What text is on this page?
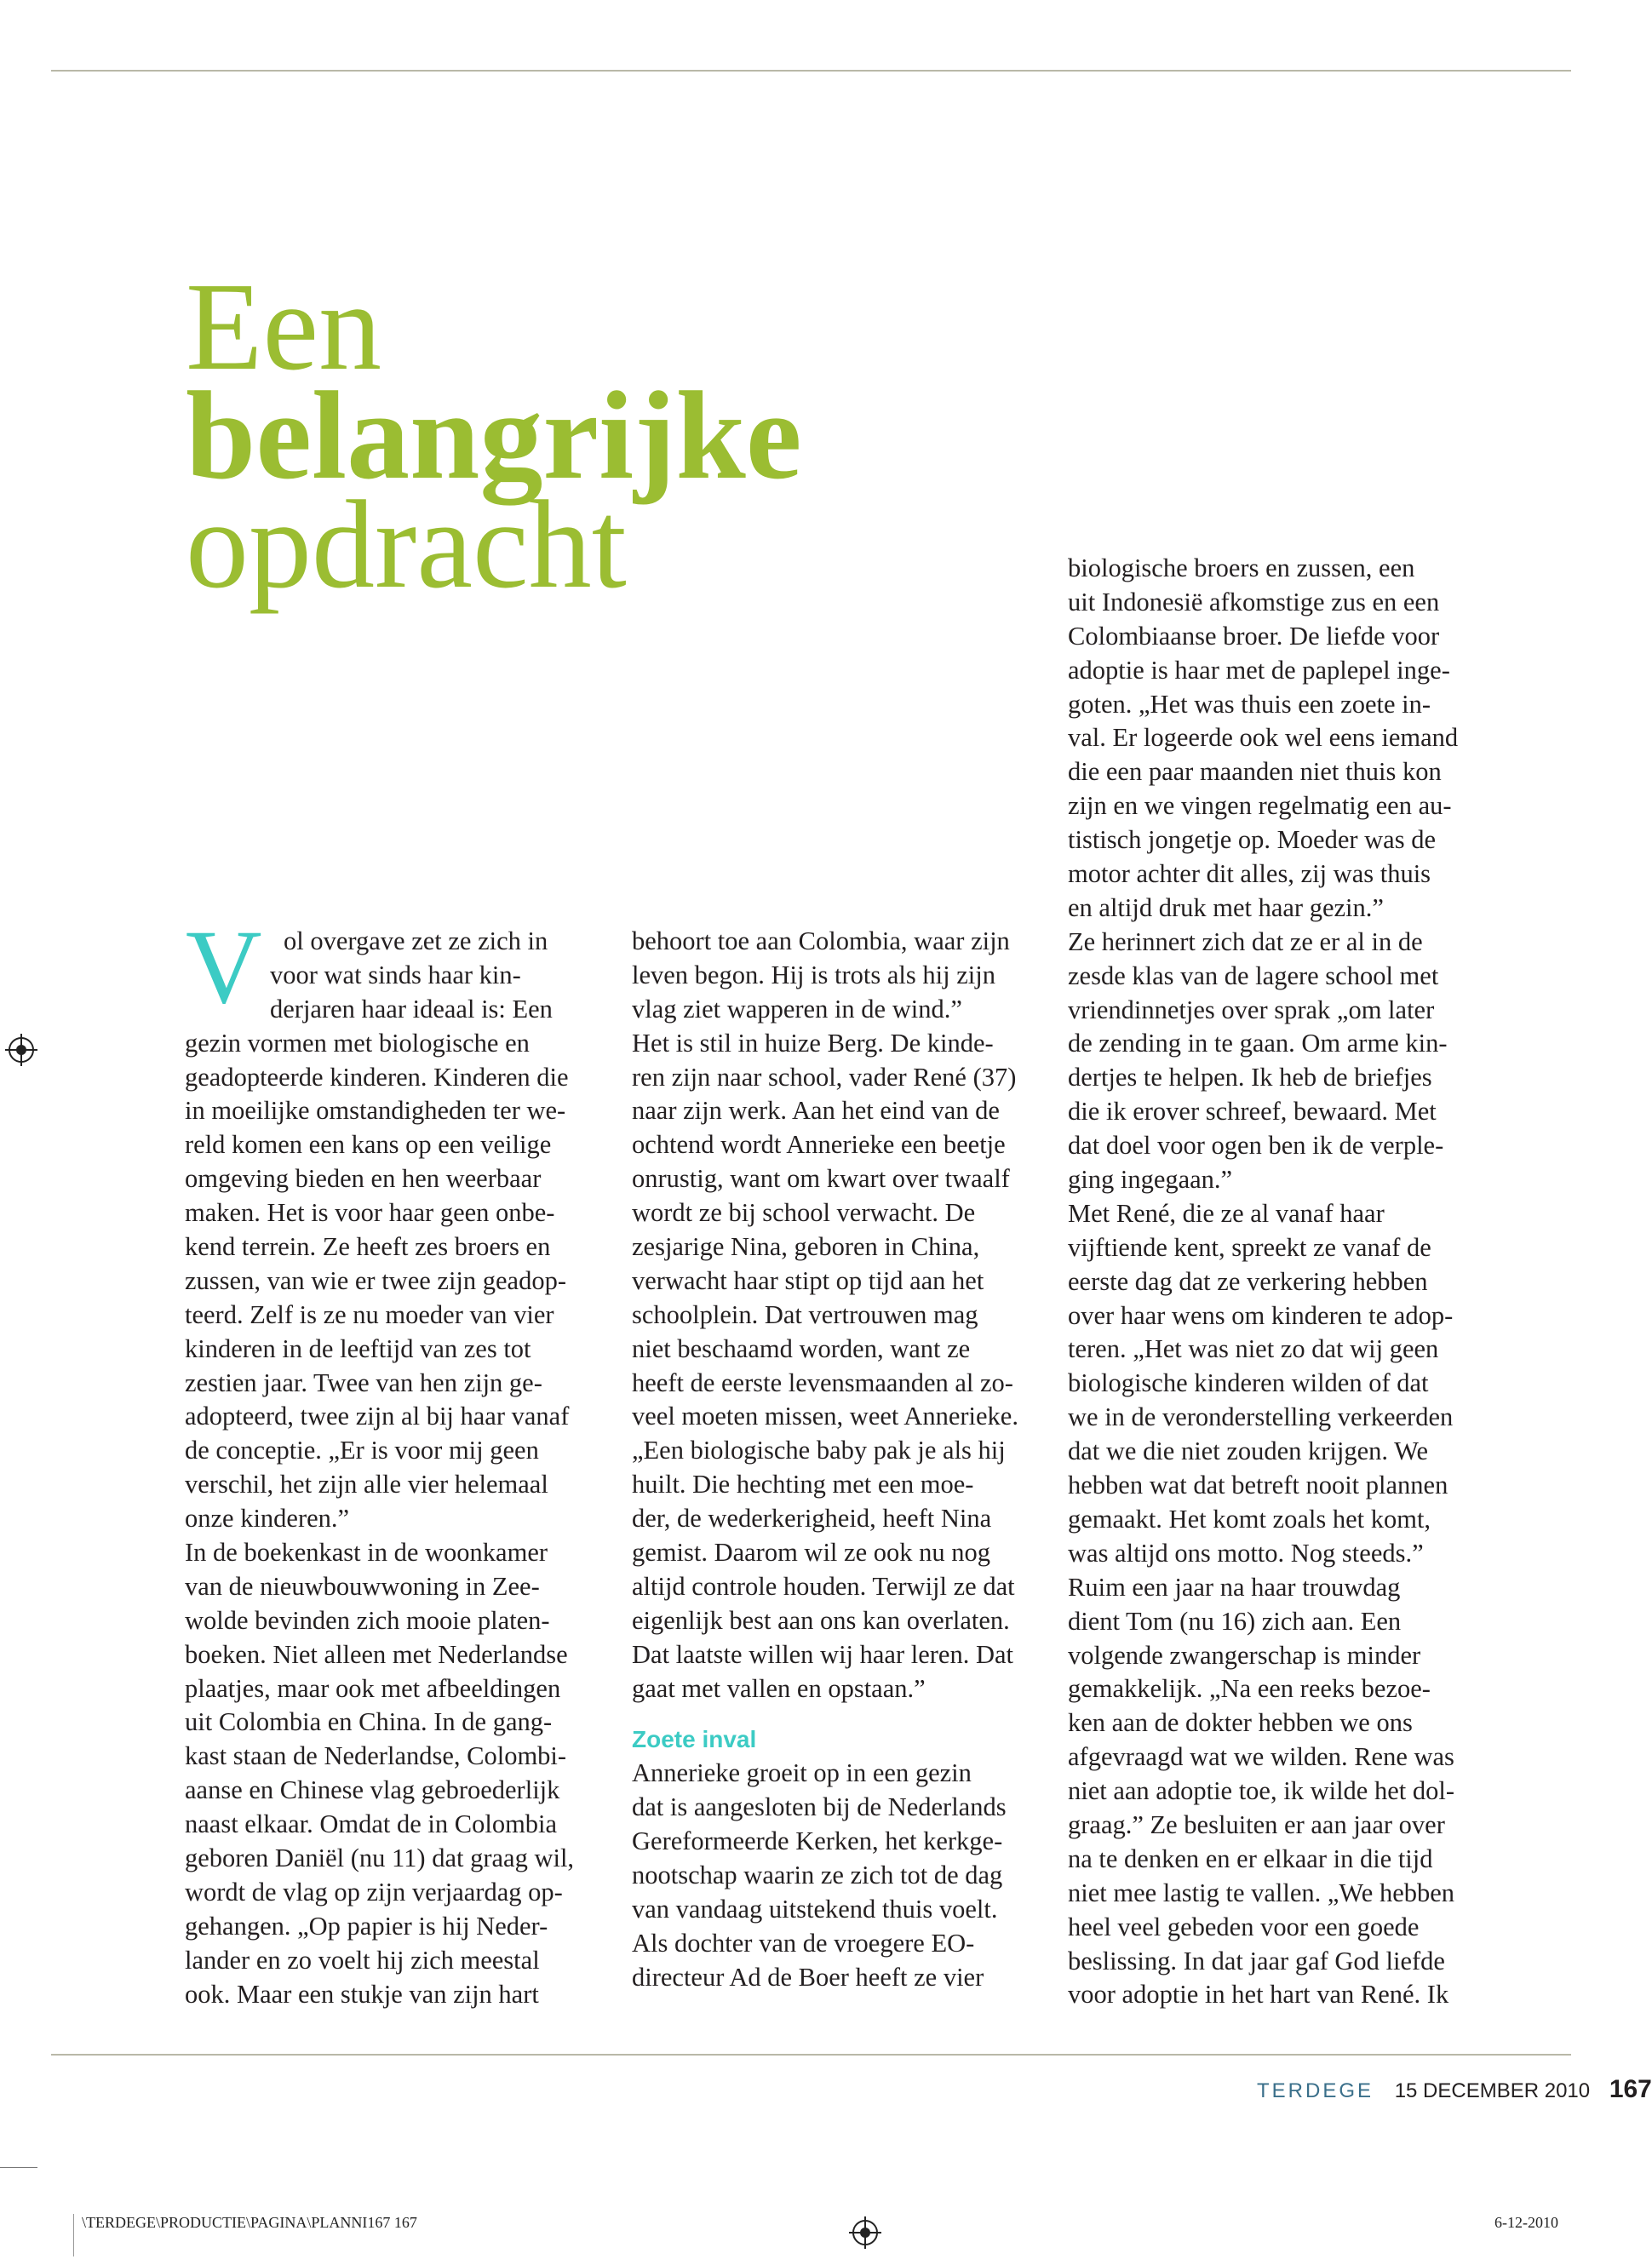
Een
belangrijke
opdracht
V ol overgave zet ze zich in
voor wat sinds haar kin-
derjaren haar ideaal is: Een
gezin vormen met biologische en
geadopteerde kinderen. Kinderen die
in moeilijke omstandigheden ter we-
reld komen een kans op een veilige
omgeving bieden en hen weerbaar
maken. Het is voor haar geen onbe-
kend terrein. Ze heeft zes broers en
zussen, van wie er twee zijn geadop-
teerd. Zelf is ze nu moeder van vier
kinderen in de leeftijd van zes tot
zestien jaar. Twee van hen zijn ge-
adopteerd, twee zijn al bij haar vanaf
de conceptie. „Er is voor mij geen
verschil, het zijn alle vier helemaal
onze kinderen.”
In de boekenkast in de woonkamer
van de nieuwbouwwoning in Zee-
wolde bevinden zich mooie platen-
boeken. Niet alleen met Nederlandse
plaatjes, maar ook met afbeeldingen
uit Colombia en China. In de gang-
kast staan de Nederlandse, Colombi-
aanse en Chinese vlag gebroederlijk
naast elkaar. Omdat de in Colombia
geboren Daniël (nu 11) dat graag wil,
wordt de vlag op zijn verjaardag op-
gehangen. „Op papier is hij Neder-
lander en zo voelt hij zich meestal
ook. Maar een stukje van zijn hart
behoort toe aan Colombia, waar zijn
leven begon. Hij is trots als hij zijn
vlag ziet wapperen in de wind.”
Het is stil in huize Berg. De kinde-
ren zijn naar school, vader René (37)
naar zijn werk. Aan het eind van de
ochtend wordt Annerieke een beetje
onrustig, want om kwart over twaalf
wordt ze bij school verwacht. De
zesjarige Nina, geboren in China,
verwacht haar stipt op tijd aan het
schoolplein. Dat vertrouwen mag
niet beschaamd worden, want ze
heeft de eerste levensmaanden al zo-
veel moeten missen, weet Annerieke.
„Een biologische baby pak je als hij
huilt. Die hechting met een moe-
der, de wederkerigheid, heeft Nina
gemist. Daarom wil ze ook nu nog
altijd controle houden. Terwijl ze dat
eigenlijk best aan ons kan overlaten.
Dat laatste willen wij haar leren. Dat
gaat met vallen en opstaan.”
Zoete inval
Annerieke groeit op in een gezin
dat is aangesloten bij de Nederlands
Gereformeerde Kerken, het kerkge-
nootschap waarin ze zich tot de dag
van vandaag uitstekend thuis voelt.
Als dochter van de vroegere EO-
directeur Ad de Boer heeft ze vier
biologische broers en zussen, een
uit Indonesië afkomstige zus en een
Colombiaanse broer. De liefde voor
adoptie is haar met de paplepel inge-
goten. „Het was thuis een zoete in-
val. Er logeerde ook wel eens iemand
die een paar maanden niet thuis kon
zijn en we vingen regelmatig een au-
tistisch jongetje op. Moeder was de
motor achter dit alles, zij was thuis
en altijd druk met haar gezin.”
Ze herinnert zich dat ze er al in de
zesde klas van de lagere school met
vriendinnetjes over sprak „om later
de zending in te gaan. Om arme kin-
dertjes te helpen. Ik heb de briefjes
die ik erover schreef, bewaard. Met
dat doel voor ogen ben ik de verple-
ging ingegaan.”
Met René, die ze al vanaf haar
vijftiende kent, spreekt ze vanaf de
eerste dag dat ze verkering hebben
over haar wens om kinderen te adop-
teren. „Het was niet zo dat wij geen
biologische kinderen wilden of dat
we in de veronderstelling verkeerden
dat we die niet zouden krijgen. We
hebben wat dat betreft nooit plannen
gemaakt. Het komt zoals het komt,
was altijd ons motto. Nog steeds.”
Ruim een jaar na haar trouwdag
dient Tom (nu 16) zich aan. Een
volgende zwangerschap is minder
gemakkelijk. „Na een reeks bezoe-
ken aan de dokter hebben we ons
afgevraagd wat we wilden. Rene was
niet aan adoptie toe, ik wilde het dol-
graag.” Ze besluiten er aan jaar over
na te denken en er elkaar in die tijd
niet mee lastig te vallen. „We hebben
heel veel gebeden voor een goede
beslissing. In dat jaar gaf God liefde
voor adoptie in het hart van René. Ik
TERDEGE 15 DECEMBER 2010 167
\TERDEGE\PRODUCTIE\PAGINA\PLANNI167 167	6-12-2010
